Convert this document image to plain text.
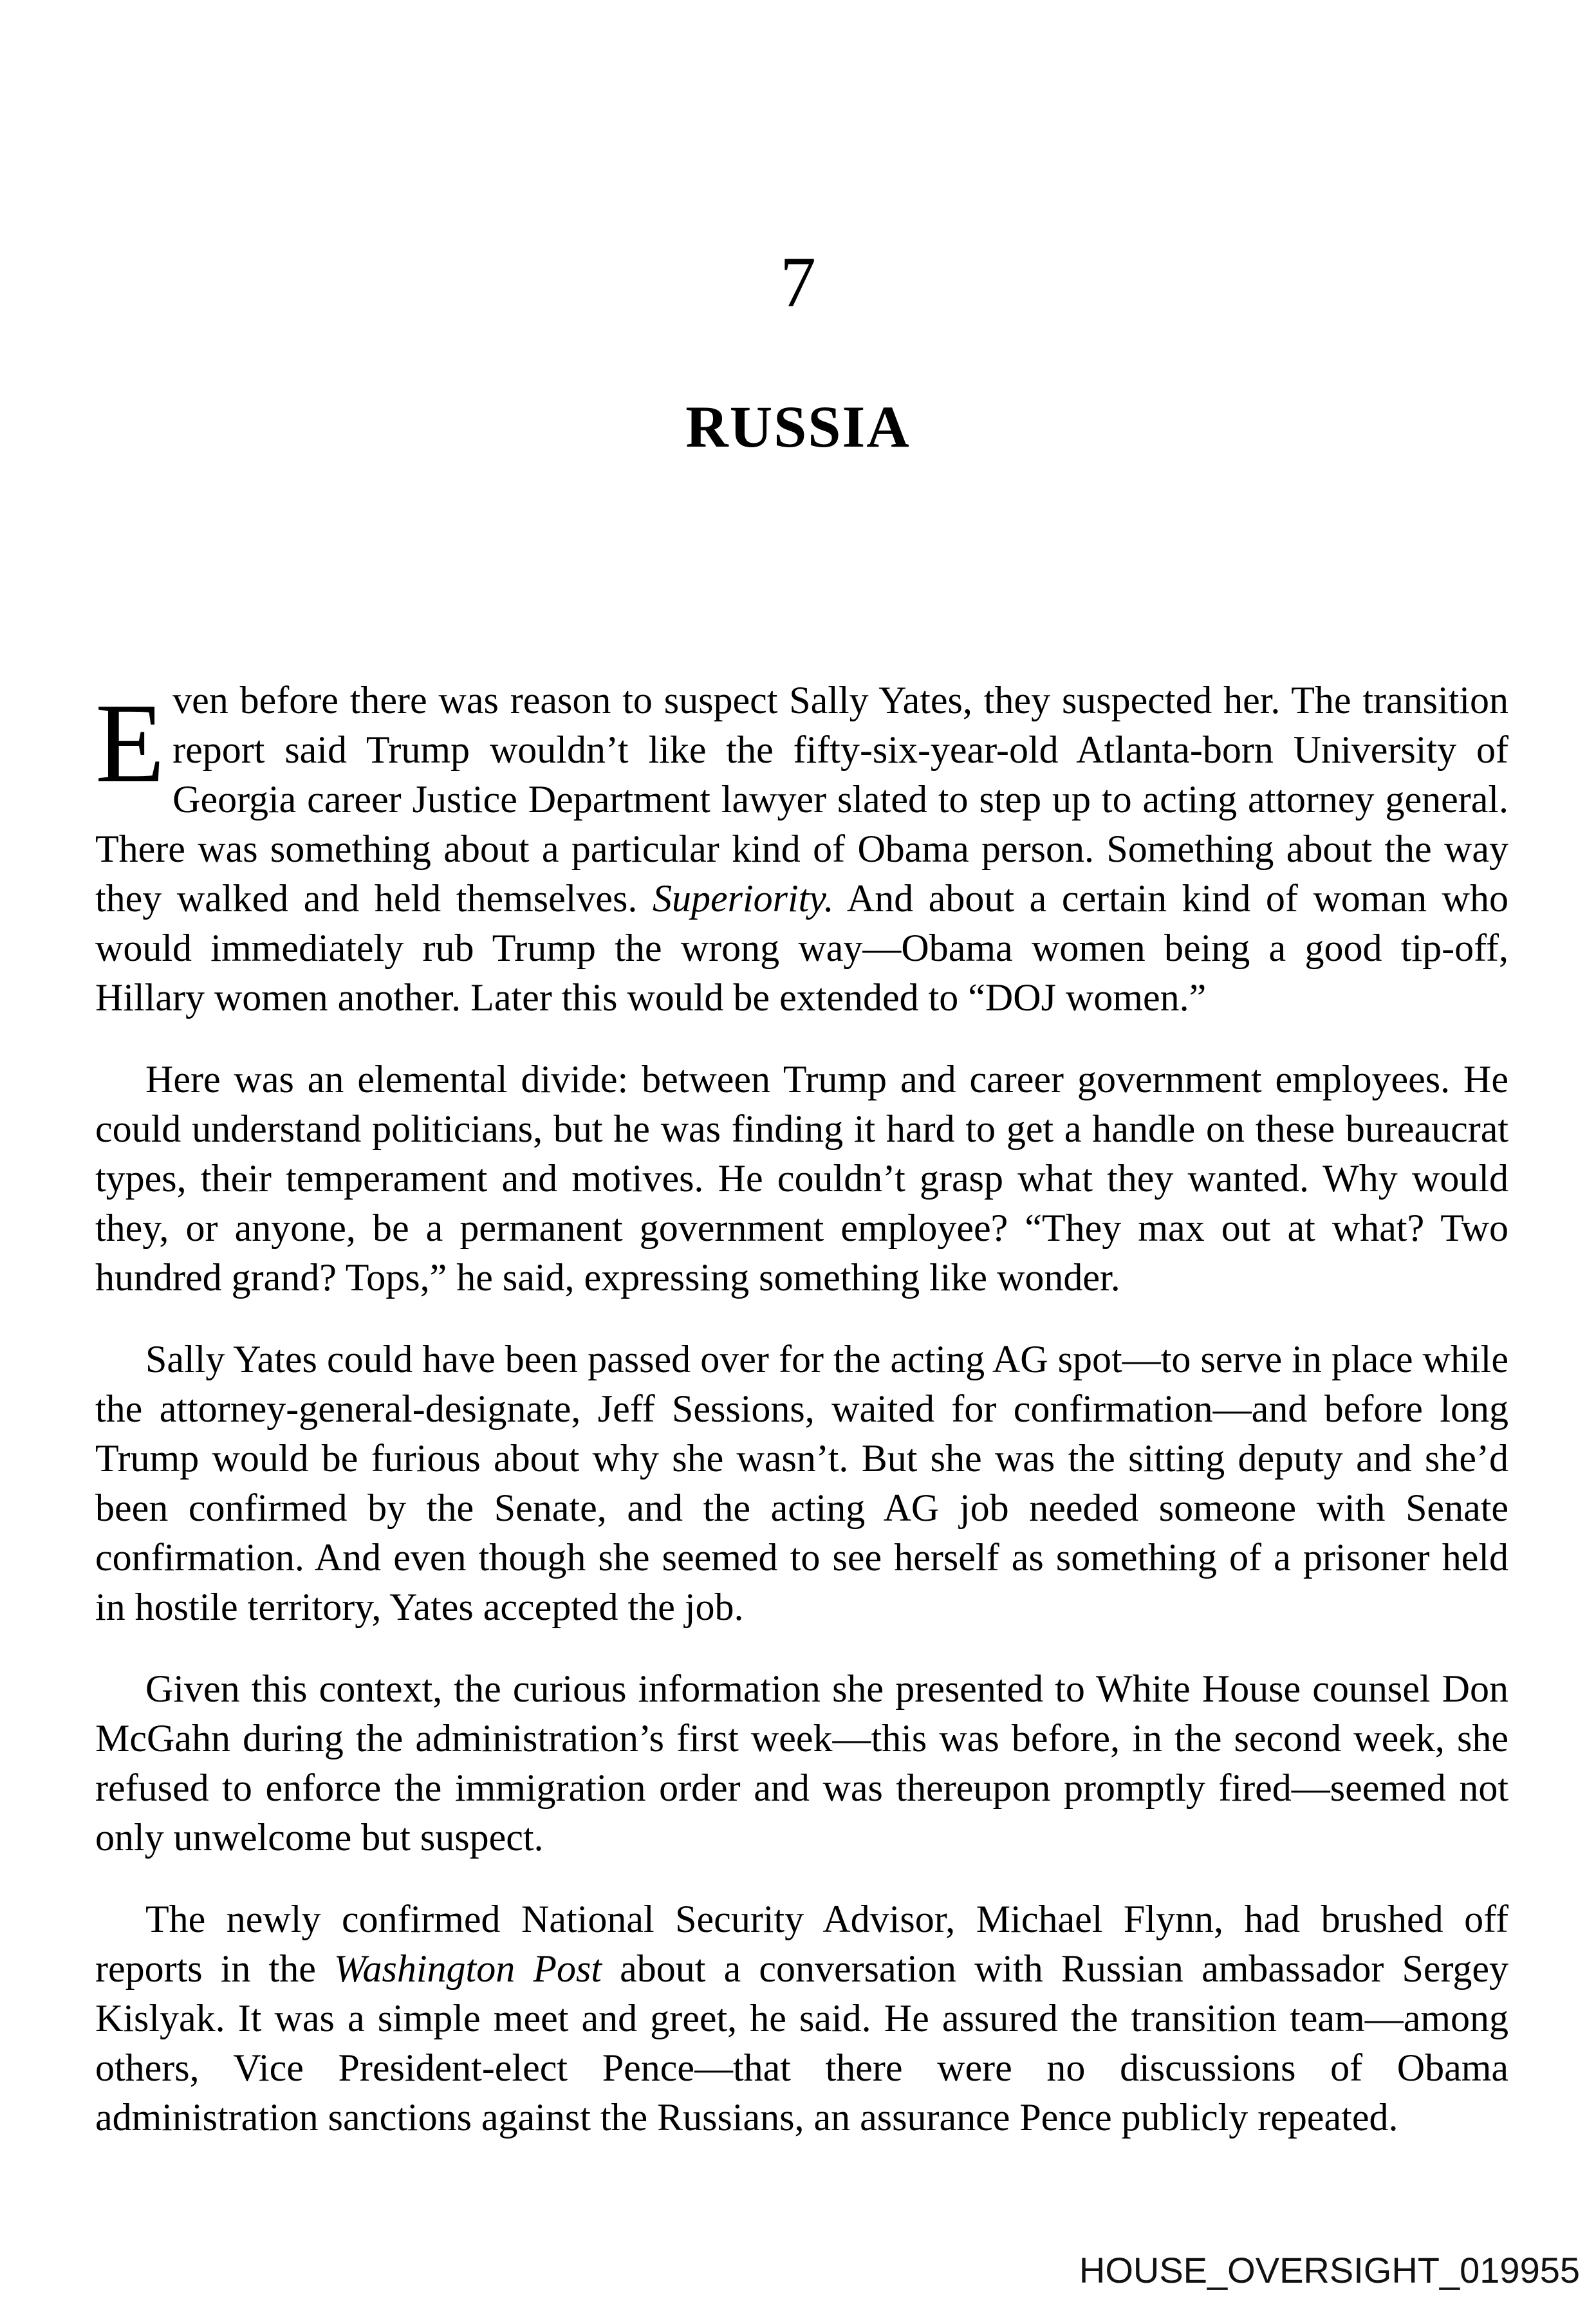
7
RUSSIA

Even before there was reason to suspect Sally Yates, they suspected her. The transition report said Trump wouldn’t like the fifty-six-year-old Atlanta-born University of Georgia career Justice Department lawyer slated to step up to acting attorney general. There was something about a particular kind of Obama person. Something about the way they walked and held themselves. Superiority. And about a certain kind of woman who would immediately rub Trump the wrong way—Obama women being a good tip-off, Hillary women another. Later this would be extended to “DOJ women.”

Here was an elemental divide: between Trump and career government employees. He could understand politicians, but he was finding it hard to get a handle on these bureaucrat types, their temperament and motives. He couldn’t grasp what they wanted. Why would they, or anyone, be a permanent government employee? “They max out at what? Two hundred grand? Tops,” he said, expressing something like wonder.

Sally Yates could have been passed over for the acting AG spot—to serve in place while the attorney-general-designate, Jeff Sessions, waited for confirmation—and before long Trump would be furious about why she wasn’t. But she was the sitting deputy and she’d been confirmed by the Senate, and the acting AG job needed someone with Senate confirmation. And even though she seemed to see herself as something of a prisoner held in hostile territory, Yates accepted the job.

Given this context, the curious information she presented to White House counsel Don McGahn during the administration’s first week—this was before, in the second week, she refused to enforce the immigration order and was thereupon promptly fired—seemed not only unwelcome but suspect.

The newly confirmed National Security Advisor, Michael Flynn, had brushed off reports in the Washington Post about a conversation with Russian ambassador Sergey Kislyak. It was a simple meet and greet, he said. He assured the transition team—among others, Vice President-elect Pence—that there were no discussions of Obama administration sanctions against the Russians, an assurance Pence publicly repeated.

HOUSE_OVERSIGHT_019955
